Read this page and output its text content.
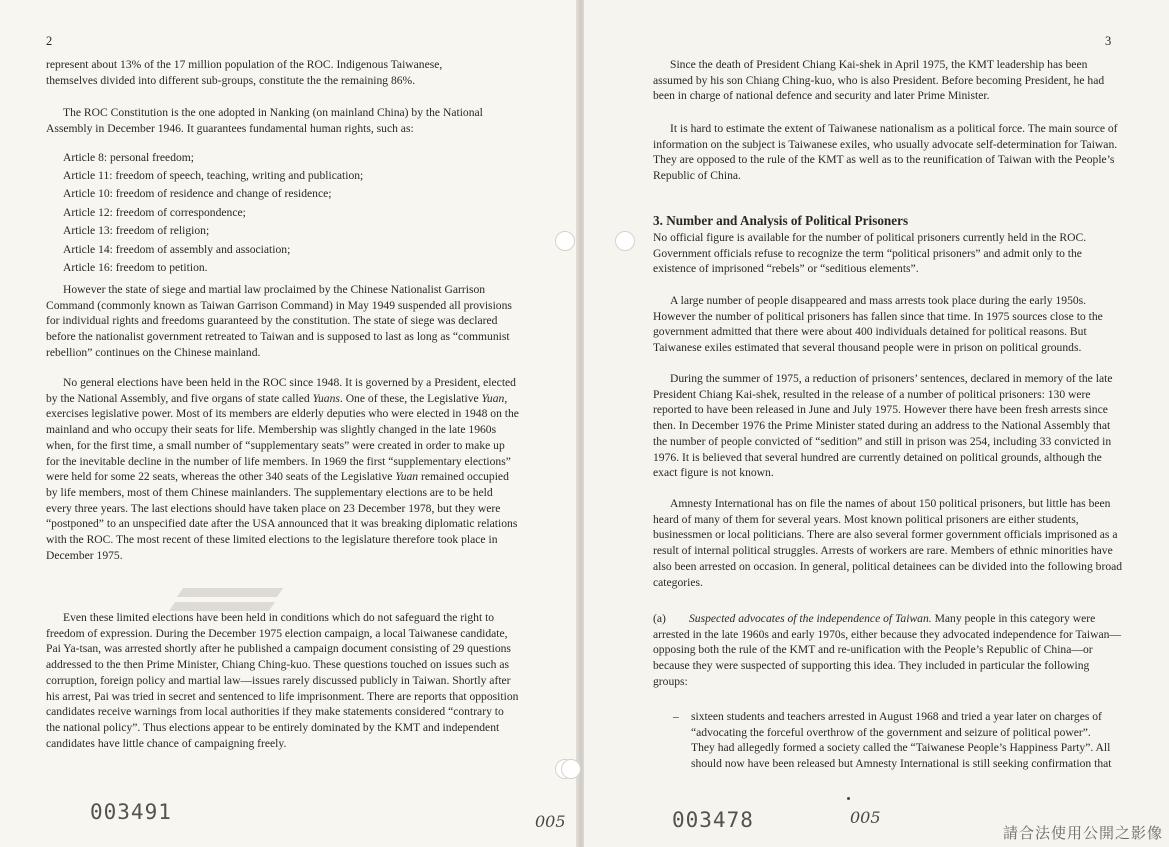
2
represent about 13% of the 17 million population of the ROC. Indigenous Taiwanese, themselves divided into different sub-groups, constitute the the remaining 86%.
The ROC Constitution is the one adopted in Nanking (on mainland China) by the National Assembly in December 1946. It guarantees fundamental human rights, such as:
Article 8: personal freedom;
Article 11: freedom of speech, teaching, writing and publication;
Article 10: freedom of residence and change of residence;
Article 12: freedom of correspondence;
Article 13: freedom of religion;
Article 14: freedom of assembly and association;
Article 16: freedom to petition.
However the state of siege and martial law proclaimed by the Chinese Nationalist Garrison Command (commonly known as Taiwan Garrison Command) in May 1949 suspended all provisions for individual rights and freedoms guaranteed by the constitution. The state of siege was declared before the nationalist government retreated to Taiwan and is supposed to last as long as “communist rebellion” continues on the Chinese mainland.
No general elections have been held in the ROC since 1948. It is governed by a President, elected by the National Assembly, and five organs of state called Yuans. One of these, the Legislative Yuan, exercises legislative power. Most of its members are elderly deputies who were elected in 1948 on the mainland and who occupy their seats for life. Membership was slightly changed in the late 1960s when, for the first time, a small number of “supplementary seats” were created in order to make up for the inevitable decline in the number of life members. In 1969 the first “supplementary elections” were held for some 22 seats, whereas the other 340 seats of the Legislative Yuan remained occupied by life members, most of them Chinese mainlanders. The supplementary elections are to be held every three years. The last elections should have taken place on 23 December 1978, but they were “postponed” to an unspecified date after the USA announced that it was breaking diplomatic relations with the ROC. The most recent of these limited elections to the legislature therefore took place in December 1975.
Even these limited elections have been held in conditions which do not safeguard the right to freedom of expression. During the December 1975 election campaign, a local Taiwanese candidate, Pai Ya-tsan, was arrested shortly after he published a campaign document consisting of 29 questions addressed to the then Prime Minister, Chiang Ching-kuo. These questions touched on issues such as corruption, foreign policy and martial law—issues rarely discussed publicly in Taiwan. Shortly after his arrest, Pai was tried in secret and sentenced to life imprisonment. There are reports that opposition candidates receive warnings from local authorities if they make statements considered “contrary to the national policy”. Thus elections appear to be entirely dominated by the KMT and independent candidates have little chance of campaigning freely.
003491	005
3
Since the death of President Chiang Kai-shek in April 1975, the KMT leadership has been assumed by his son Chiang Ching-kuo, who is also President. Before becoming President, he had been in charge of national defence and security and later Prime Minister.
It is hard to estimate the extent of Taiwanese nationalism as a political force. The main source of information on the subject is Taiwanese exiles, who usually advocate self-determination for Taiwan. They are opposed to the rule of the KMT as well as to the reunification of Taiwan with the People’s Republic of China.
3. Number and Analysis of Political Prisoners
No official figure is available for the number of political prisoners currently held in the ROC. Government officials refuse to recognize the term “political prisoners” and admit only to the existence of imprisoned “rebels” or “seditious elements”.
A large number of people disappeared and mass arrests took place during the early 1950s. However the number of political prisoners has fallen since that time. In 1975 sources close to the government admitted that there were about 400 individuals detained for political reasons. But Taiwanese exiles estimated that several thousand people were in prison on political grounds.
During the summer of 1975, a reduction of prisoners’ sentences, declared in memory of the late President Chiang Kai-shek, resulted in the release of a number of political prisoners: 130 were reported to have been released in June and July 1975. However there have been fresh arrests since then. In December 1976 the Prime Minister stated during an address to the National Assembly that the number of people convicted of “sedition” and still in prison was 254, including 33 convicted in 1976. It is believed that several hundred are currently detained on political grounds, although the exact figure is not known.
Amnesty International has on file the names of about 150 political prisoners, but little has been heard of many of them for several years. Most known political prisoners are either students, businessmen or local politicians. There are also several former government officials imprisoned as a result of internal political struggles. Arrests of workers are rare. Members of ethnic minorities have also been arrested on occasion. In general, political detainees can be divided into the following broad categories.
(a) Suspected advocates of the independence of Taiwan. Many people in this category were arrested in the late 1960s and early 1970s, either because they advocated independence for Taiwan—opposing both the rule of the KMT and re-unification with the People’s Republic of China—or because they were suspected of supporting this idea. They included in particular the following groups:
–	sixteen students and teachers arrested in August 1968 and tried a year later on charges of “advocating the forceful overthrow of the government and seizure of political power”. They had allegedly formed a society called the “Taiwanese People’s Happiness Party”. All should now have been released but Amnesty International is still seeking confirmation that
003478	005
請合法使用公開之影像
